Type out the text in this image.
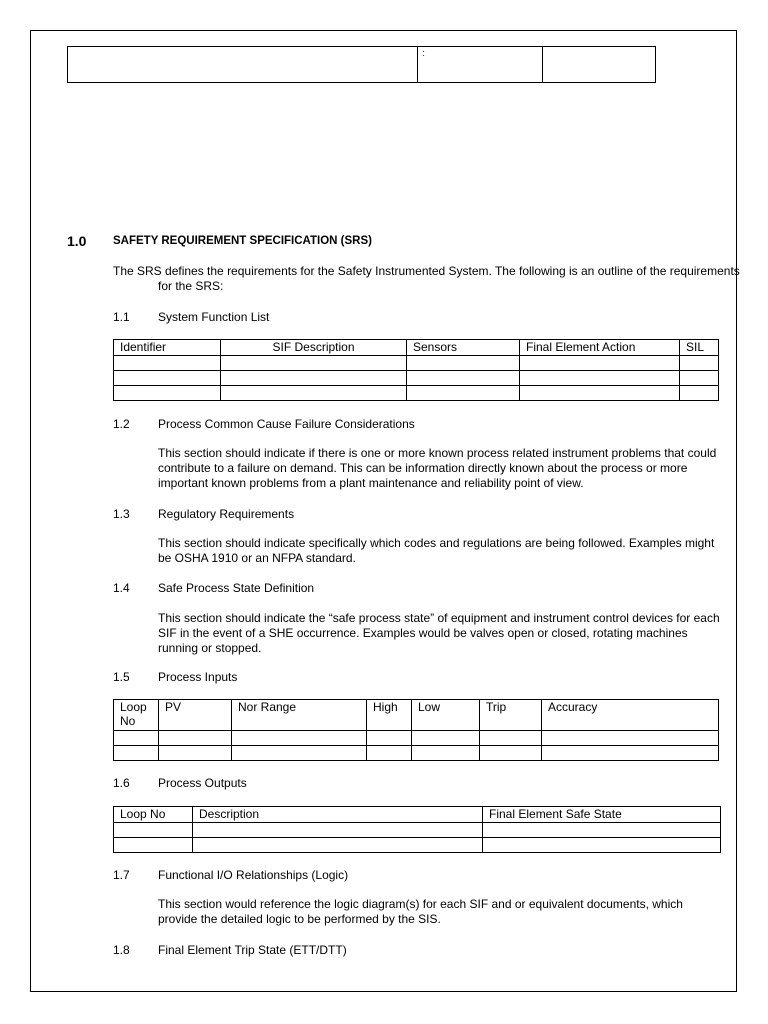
:
1.0 SAFETY REQUIREMENT SPECIFICATION (SRS)
The SRS defines the requirements for the Safety Instrumented System. The following is an outline of the requirements for the SRS:
1.1 System Function List
Identifier	SIF Description	Sensors	Final Element Action	SIL

1.2 Process Common Cause Failure Considerations
This section should indicate if there is one or more known process related instrument problems that could contribute to a failure on demand. This can be information directly known about the process or more important known problems from a plant maintenance and reliability point of view.
1.3 Regulatory Requirements
This section should indicate specifically which codes and regulations are being followed. Examples might be OSHA 1910 or an NFPA standard.
1.4 Safe Process State Definition
This section should indicate the “safe process state” of equipment and instrument control devices for each SIF in the event of a SHE occurrence. Examples would be valves open or closed, rotating machines running or stopped.
1.5 Process Inputs
Loop No	PV	Nor Range	High	Low	Trip	Accuracy

1.6 Process Outputs
Loop No	Description	Final Element Safe State

1.7 Functional I/O Relationships (Logic)
This section would reference the logic diagram(s) for each SIF and or equivalent documents, which provide the detailed logic to be performed by the SIS.
1.8 Final Element Trip State (ETT/DTT)
